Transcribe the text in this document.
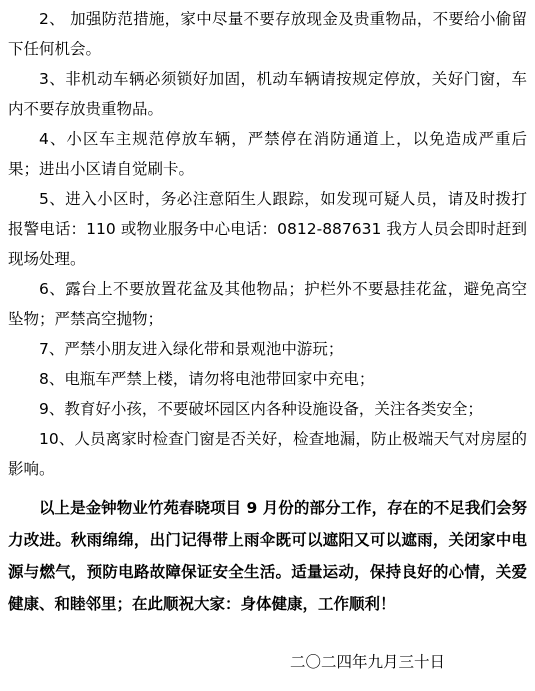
2、 加强防范措施，家中尽量不要存放现金及贵重物品，不要给小偷留下任何机会。

3、非机动车辆必须锁好加固，机动车辆请按规定停放，关好门窗，车内不要存放贵重物品。

4、小区车主规范停放车辆，严禁停在消防通道上，以免造成严重后果；进出小区请自觉刷卡。

5、进入小区时，务必注意陌生人跟踪，如发现可疑人员，请及时拨打报警电话：110 或物业服务中心电话：0812-887631 我方人员会即时赶到现场处理。

6、露台上不要放置花盆及其他物品；护栏外不要悬挂花盆，避免高空坠物；严禁高空抛物；

7、严禁小朋友进入绿化带和景观池中游玩；

8、电瓶车严禁上楼，请勿将电池带回家中充电；

9、教育好小孩，不要破坏园区内各种设施设备，关注各类安全；

10、人员离家时检查门窗是否关好，检查地漏，防止极端天气对房屋的影响。

以上是金钟物业竹苑春晓项目 9 月份的部分工作，存在的不足我们会努力改进。秋雨绵绵，出门记得带上雨伞既可以遮阳又可以遮雨，关闭家中电源与燃气，预防电路故障保证安全生活。适量运动，保持良好的心情，关爱健康、和睦邻里；在此顺祝大家：身体健康，工作顺利！

二〇二四年九月三十日
